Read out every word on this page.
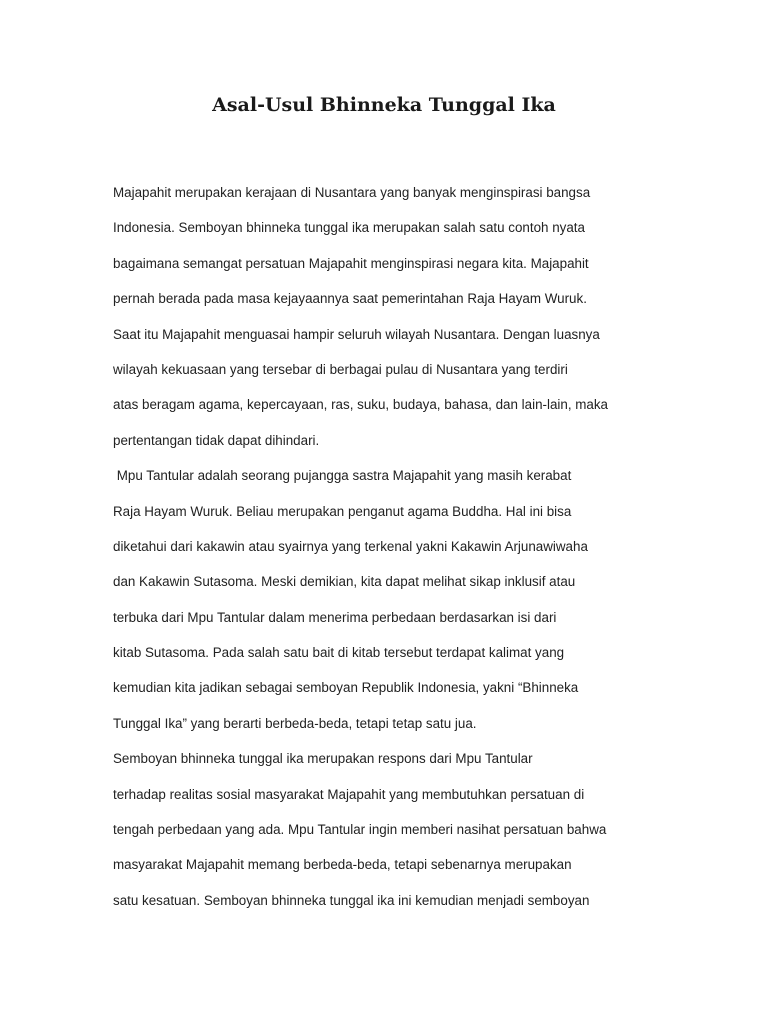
Asal-Usul Bhinneka Tunggal Ika
Majapahit merupakan kerajaan di Nusantara yang banyak menginspirasi bangsa
Indonesia. Semboyan bhinneka tunggal ika merupakan salah satu contoh nyata
bagaimana semangat persatuan Majapahit menginspirasi negara kita. Majapahit
pernah berada pada masa kejayaannya saat pemerintahan Raja Hayam Wuruk.
Saat itu Majapahit menguasai hampir seluruh wilayah Nusantara. Dengan luasnya
wilayah kekuasaan yang tersebar di berbagai pulau di Nusantara yang terdiri
atas beragam agama, kepercayaan, ras, suku, budaya, bahasa, dan lain-lain, maka
pertentangan tidak dapat dihindari.
Mpu Tantular adalah seorang pujangga sastra Majapahit yang masih kerabat
Raja Hayam Wuruk. Beliau merupakan penganut agama Buddha. Hal ini bisa
diketahui dari kakawin atau syairnya yang terkenal yakni Kakawin Arjunawiwaha
dan Kakawin Sutasoma. Meski demikian, kita dapat melihat sikap inklusif atau
terbuka dari Mpu Tantular dalam menerima perbedaan berdasarkan isi dari
kitab Sutasoma. Pada salah satu bait di kitab tersebut terdapat kalimat yang
kemudian kita jadikan sebagai semboyan Republik Indonesia, yakni “Bhinneka
Tunggal Ika” yang berarti berbeda-beda, tetapi tetap satu jua.
Semboyan bhinneka tunggal ika merupakan respons dari Mpu Tantular
terhadap realitas sosial masyarakat Majapahit yang membutuhkan persatuan di
tengah perbedaan yang ada. Mpu Tantular ingin memberi nasihat persatuan bahwa
masyarakat Majapahit memang berbeda-beda, tetapi sebenarnya merupakan
satu kesatuan. Semboyan bhinneka tunggal ika ini kemudian menjadi semboyan
